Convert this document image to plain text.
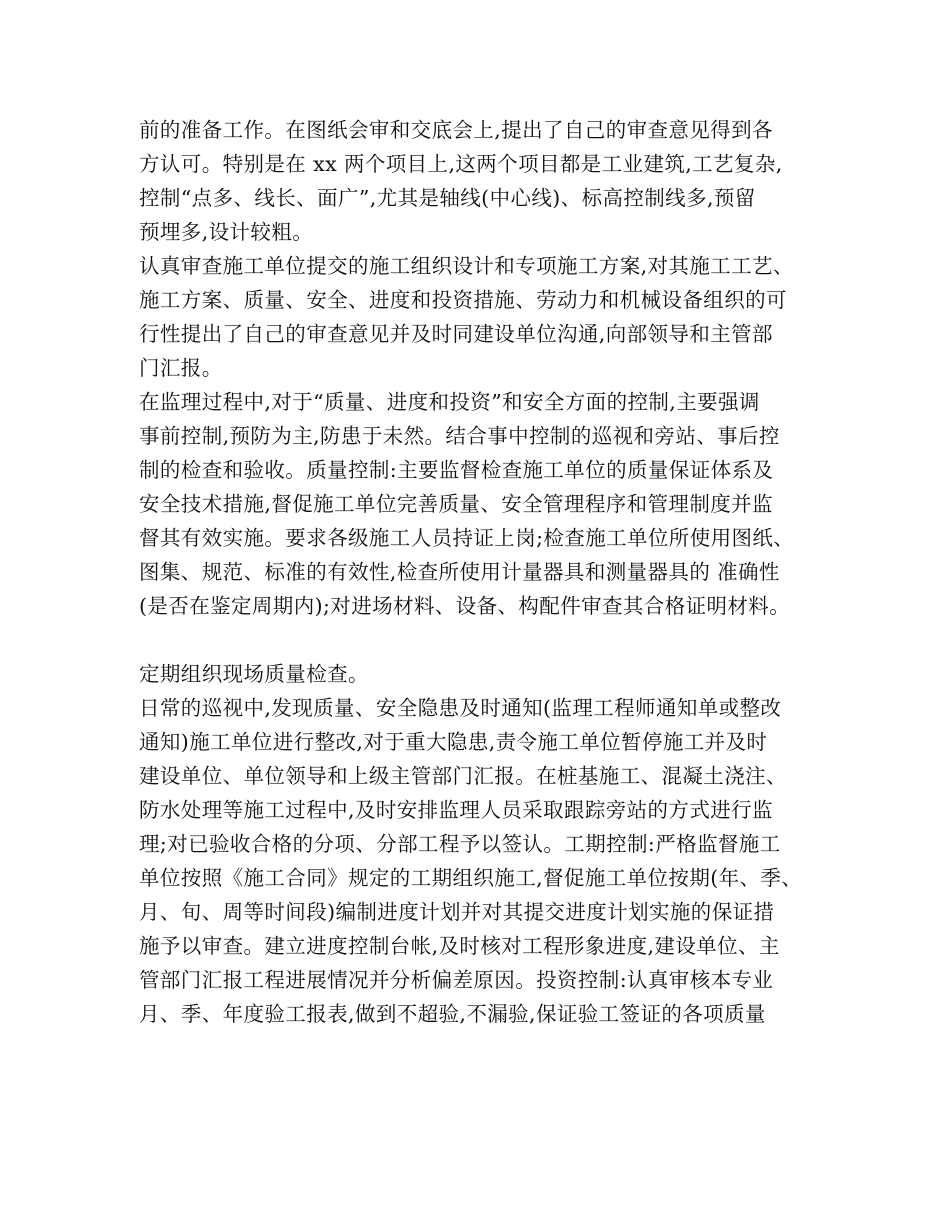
前的准备工作。在图纸会审和交底会上,提出了自己的审查意见得到各
方认可。特别是在 xx 两个项目上,这两个项目都是工业建筑,工艺复杂,
控制“点多、线长、面广”,尤其是轴线(中心线)、标高控制线多,预留
预埋多,设计较粗。
认真审查施工单位提交的施工组织设计和专项施工方案,对其施工工艺、
施工方案、质量、安全、进度和投资措施、劳动力和机械设备组织的可
行性提出了自己的审查意见并及时同建设单位沟通,向部领导和主管部
门汇报。
在监理过程中,对于“质量、进度和投资”和安全方面的控制,主要强调
事前控制,预防为主,防患于未然。结合事中控制的巡视和旁站、事后控
制的检查和验收。质量控制:主要监督检查施工单位的质量保证体系及
安全技术措施,督促施工单位完善质量、安全管理程序和管理制度并监
督其有效实施。要求各级施工人员持证上岗;检查施工单位所使用图纸、
图集、规范、标准的有效性,检查所使用计量器具和测量器具的 准确性
(是否在鉴定周期内);对进场材料、设备、构配件审查其合格证明材料。
定期组织现场质量检查。
日常的巡视中,发现质量、安全隐患及时通知(监理工程师通知单或整改
通知)施工单位进行整改,对于重大隐患,责令施工单位暂停施工并及时
建设单位、单位领导和上级主管部门汇报。在桩基施工、混凝土浇注、
防水处理等施工过程中,及时安排监理人员采取跟踪旁站的方式进行监
理;对已验收合格的分项、分部工程予以签认。工期控制:严格监督施工
单位按照《施工合同》规定的工期组织施工,督促施工单位按期(年、季、
月、旬、周等时间段)编制进度计划并对其提交进度计划实施的保证措
施予以审查。建立进度控制台帐,及时核对工程形象进度,建设单位、主
管部门汇报工程进展情况并分析偏差原因。投资控制:认真审核本专业
月、季、年度验工报表,做到不超验,不漏验,保证验工签证的各项质量
